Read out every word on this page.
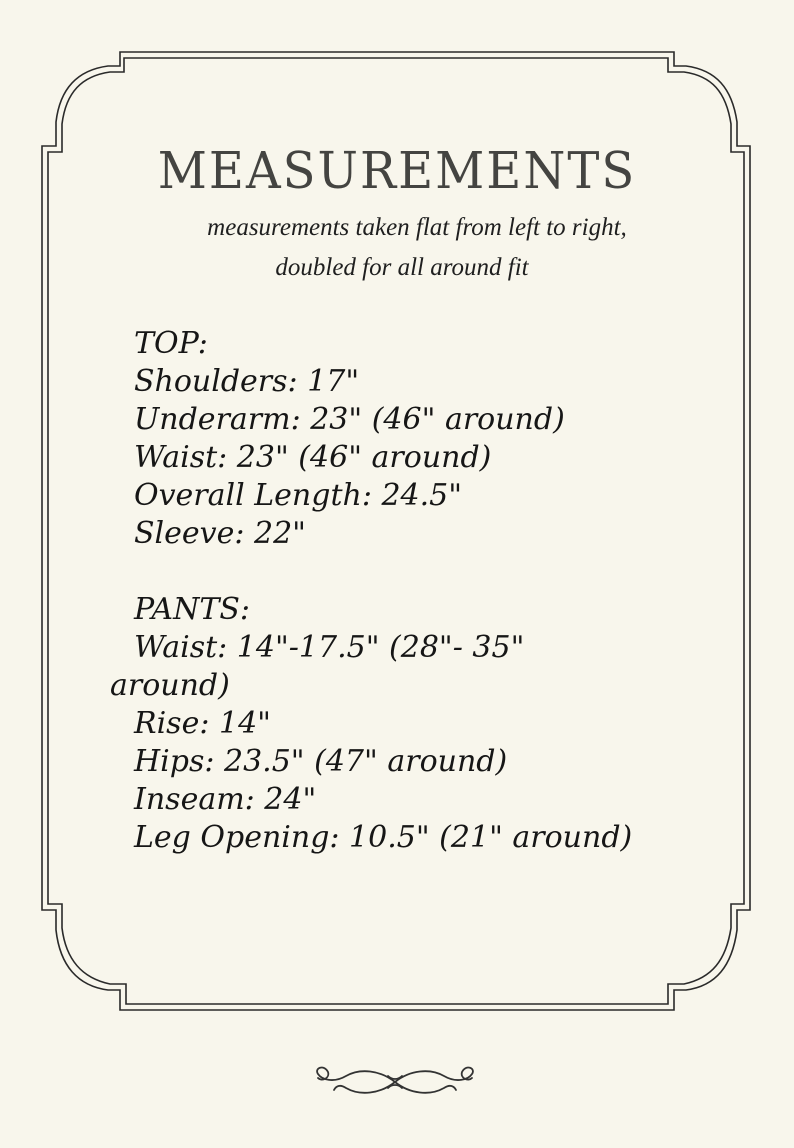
MEASUREMENTS

measurements taken flat from left to right,

doubled for all around fit

TOP:

Shoulders: 17"

Underarm: 23" (46" around)

Waist: 23" (46" around)

Overall Length: 24.5"

Sleeve: 22"

PANTS:

Waist: 14"-17.5" (28"- 35"

around)

Rise: 14"

Hips: 23.5" (47" around)

Inseam: 24"

Leg Opening: 10.5" (21" around)
